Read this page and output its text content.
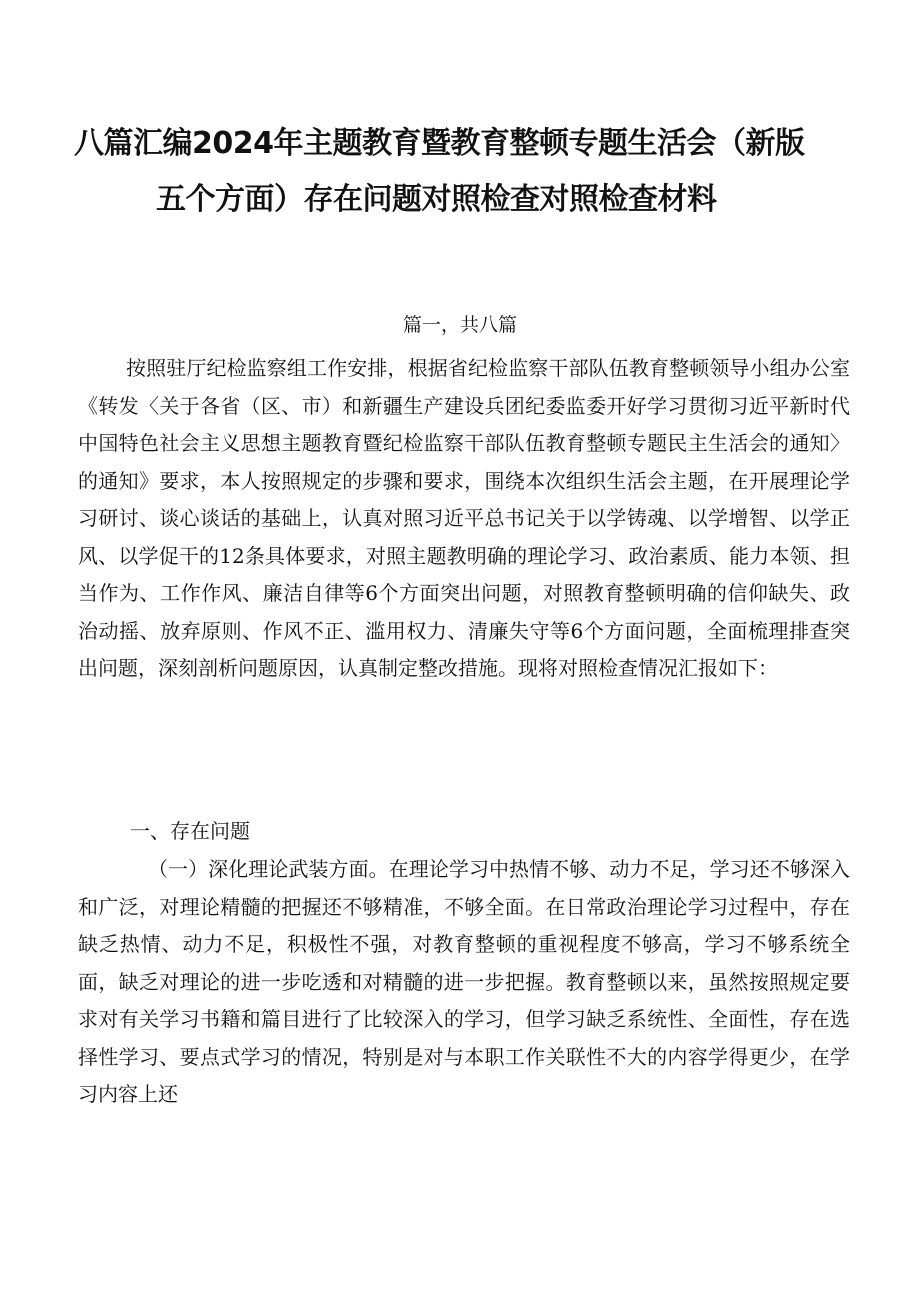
八篇汇编2024年主题教育暨教育整顿专题生活会（新版
五个方面）存在问题对照检查对照检查材料
篇一，共八篇
按照驻厅纪检监察组工作安排，根据省纪检监察干部队伍教育整顿领导小组办公室《转发〈关于各省（区、市）和新疆生产建设兵团纪委监委开好学习贯彻习近平新时代中国特色社会主义思想主题教育暨纪检监察干部队伍教育整顿专题民主生活会的通知〉的通知》要求，本人按照规定的步骤和要求，围绕本次组织生活会主题，在开展理论学习研讨、谈心谈话的基础上，认真对照习近平总书记关于以学铸魂、以学增智、以学正风、以学促干的12条具体要求，对照主题教明确的理论学习、政治素质、能力本领、担当作为、工作作风、廉洁自律等6个方面突出问题，对照教育整顿明确的信仰缺失、政治动摇、放弃原则、作风不正、滥用权力、清廉失守等6个方面问题，全面梳理排查突出问题，深刻剖析问题原因，认真制定整改措施。现将对照检查情况汇报如下：
一、存在问题
（一）深化理论武装方面。在理论学习中热情不够、动力不足，学习还不够深入和广泛，对理论精髓的把握还不够精准，不够全面。在日常政治理论学习过程中，存在缺乏热情、动力不足，积极性不强，对教育整顿的重视程度不够高，学习不够系统全面，缺乏对理论的进一步吃透和对精髓的进一步把握。教育整顿以来，虽然按照规定要求对有关学习书籍和篇目进行了比较深入的学习，但学习缺乏系统性、全面性，存在选择性学习、要点式学习的情况，特别是对与本职工作关联性不大的内容学得更少，在学习内容上还
